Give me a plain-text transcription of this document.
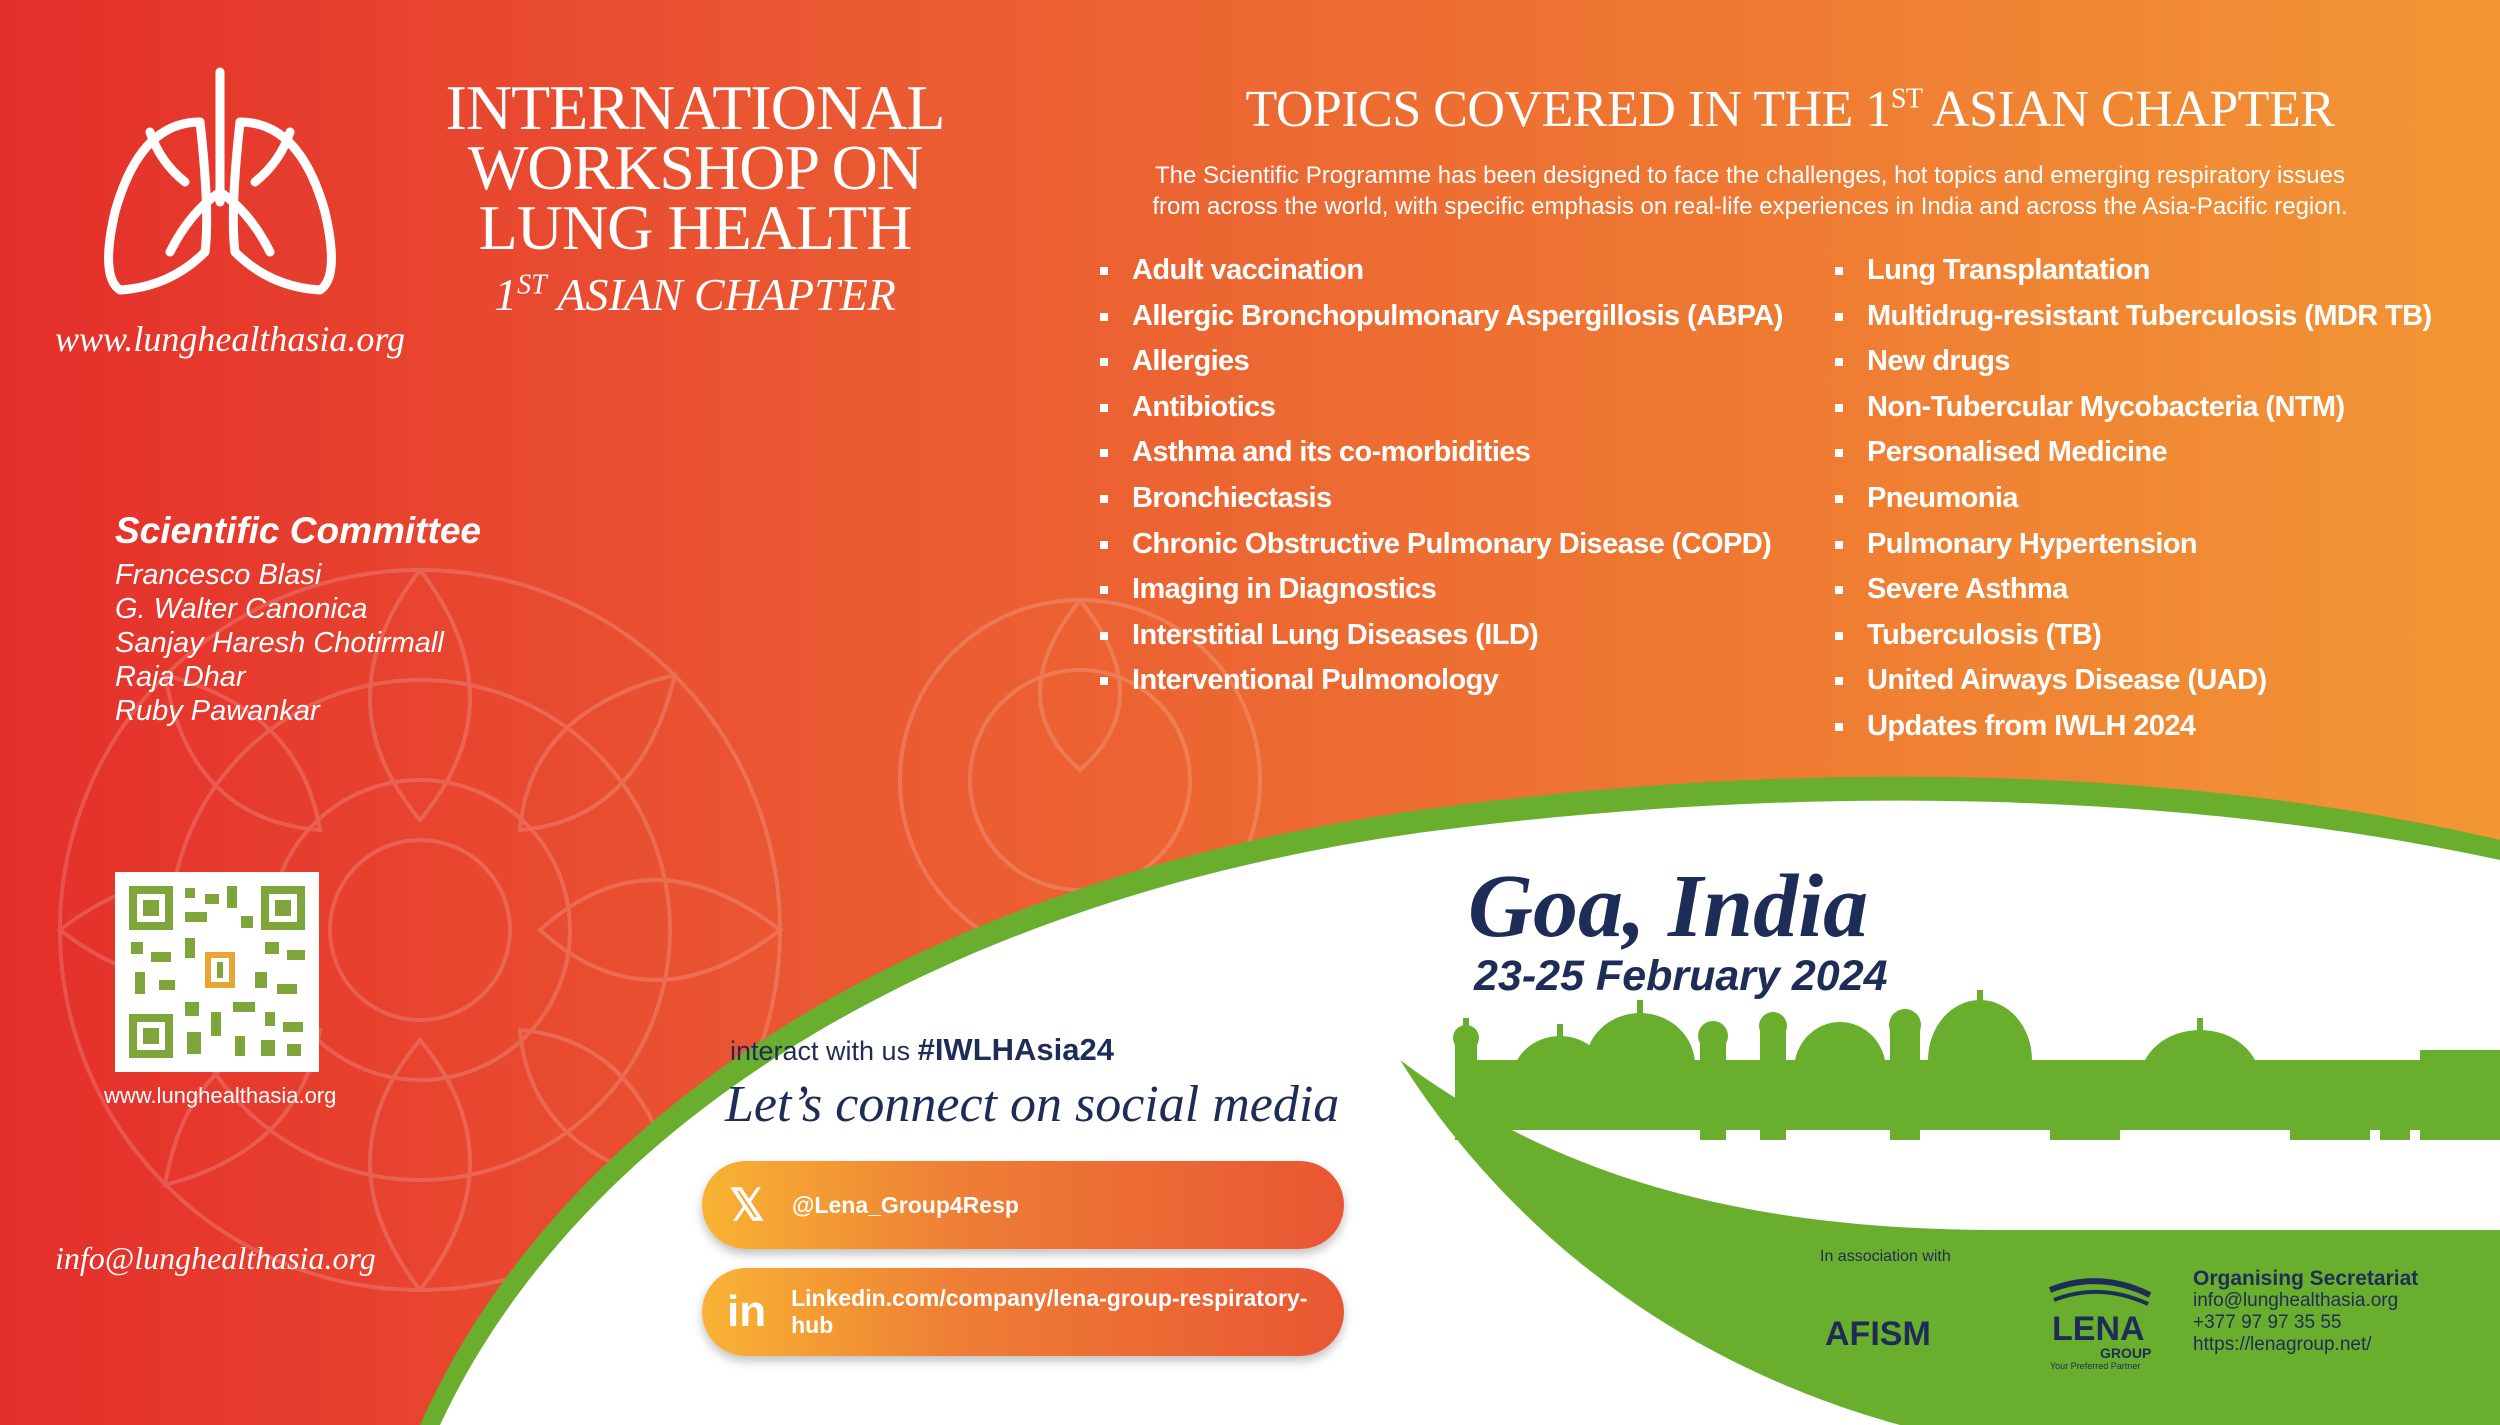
INTERNATIONAL
WORKSHOP ON
LUNG HEALTH
1ST ASIAN CHAPTER
www.lunghealthasia.org
Scientific Committee
Francesco Blasi
G. Walter Canonica
Sanjay Haresh Chotirmall
Raja Dhar
Ruby Pawankar
www.lunghealthasia.org
info@lunghealthasia.org
TOPICS COVERED IN THE 1ST ASIAN CHAPTER
The Scientific Programme has been designed to face the challenges, hot topics and emerging respiratory issues
from across the world, with specific emphasis on real-life experiences in India and across the Asia-Pacific region.
Adult vaccination
Allergic Bronchopulmonary Aspergillosis (ABPA)
Allergies
Antibiotics
Asthma and its co-morbidities
Bronchiectasis
Chronic Obstructive Pulmonary Disease (COPD)
Imaging in Diagnostics
Interstitial Lung Diseases (ILD)
Interventional Pulmonology
Lung Transplantation
Multidrug-resistant Tuberculosis (MDR TB)
New drugs
Non-Tubercular Mycobacteria (NTM)
Personalised Medicine
Pneumonia
Pulmonary Hypertension
Severe Asthma
Tuberculosis (TB)
United Airways Disease (UAD)
Updates from IWLH 2024
Goa, India
23-25 February 2024
interact with us #IWLHAsia24
Let’s connect on social media
𝕏	@Lena_Group4Resp
in	Linkedin.com/company/lena-group-respiratory-hub
In association with
AFISM	LENA
GROUP
Your Preferred Partner
Organising Secretariat
info@lunghealthasia.org
+377 97 97 35 55
https://lenagroup.net/
